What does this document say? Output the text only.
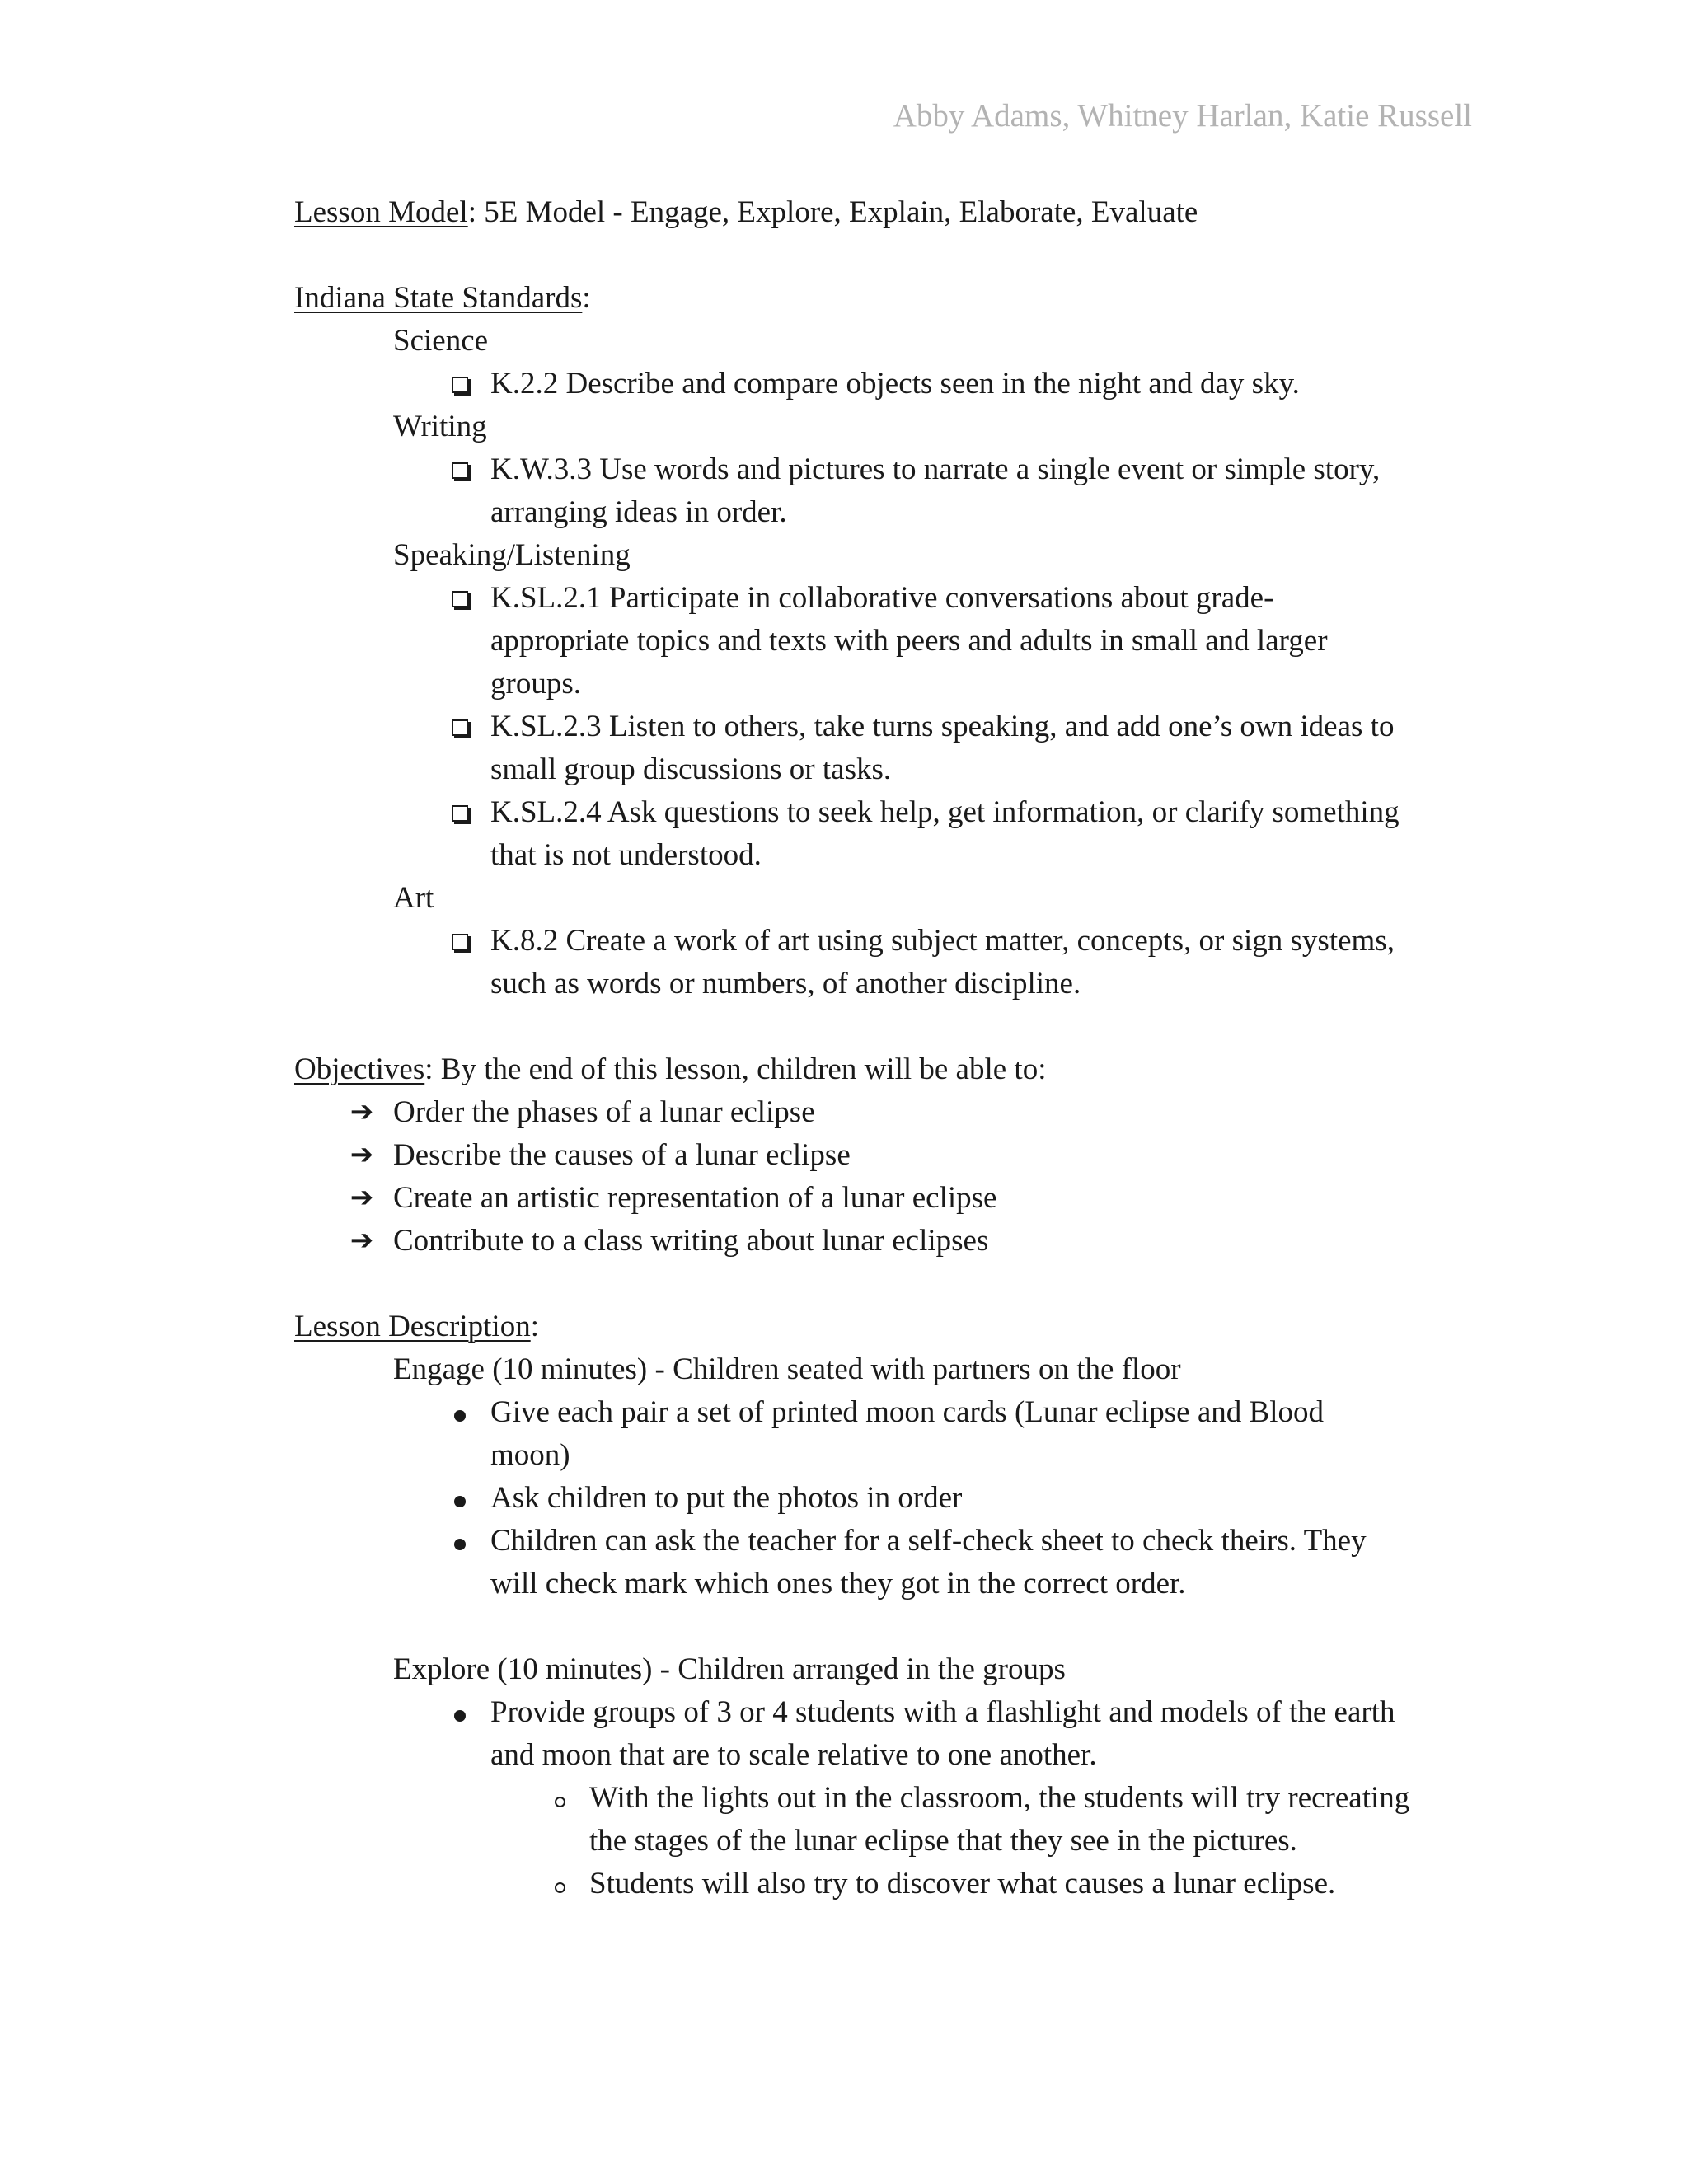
Abby Adams, Whitney Harlan, Katie Russell

Lesson Model: 5E Model - Engage, Explore, Explain, Elaborate, Evaluate

Indiana State Standards:

Science

K.2.2 Describe and compare objects seen in the night and day sky.

Writing

K.W.3.3 Use words and pictures to narrate a single event or simple story,

arranging ideas in order.

Speaking/Listening

K.SL.2.1 Participate in collaborative conversations about grade-

appropriate topics and texts with peers and adults in small and larger

groups.

K.SL.2.3 Listen to others, take turns speaking, and add one’s own ideas to

small group discussions or tasks.

K.SL.2.4 Ask questions to seek help, get information, or clarify something

that is not understood.

Art

K.8.2 Create a work of art using subject matter, concepts, or sign systems,

such as words or numbers, of another discipline.

Objectives: By the end of this lesson, children will be able to:

➔ Order the phases of a lunar eclipse

➔ Describe the causes of a lunar eclipse

➔ Create an artistic representation of a lunar eclipse

➔ Contribute to a class writing about lunar eclipses

Lesson Description:

Engage (10 minutes) - Children seated with partners on the floor

Give each pair a set of printed moon cards (Lunar eclipse and Blood

moon)

Ask children to put the photos in order

Children can ask the teacher for a self-check sheet to check theirs. They

will check mark which ones they got in the correct order.

Explore (10 minutes) - Children arranged in the groups

Provide groups of 3 or 4 students with a flashlight and models of the earth

and moon that are to scale relative to one another.

With the lights out in the classroom, the students will try recreating

the stages of the lunar eclipse that they see in the pictures.

Students will also try to discover what causes a lunar eclipse.
